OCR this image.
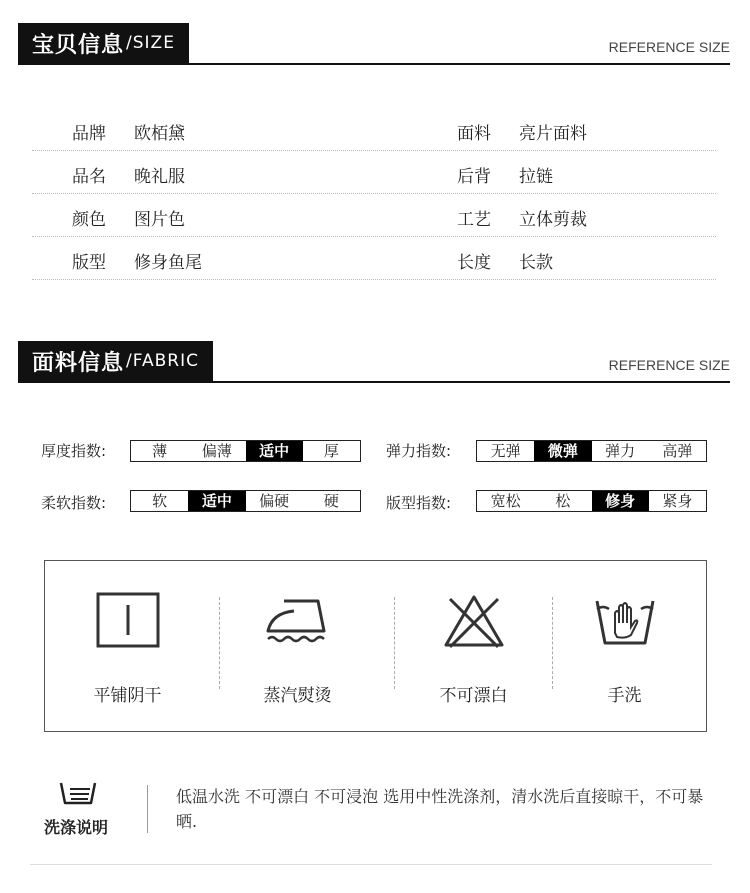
宝贝信息 /SIZE	REFERENCE SIZE
品牌 欧栢黛	面料 亮片面料
品名 晚礼服	后背 拉链
颜色 图片色	工艺 立体剪裁
版型 修身鱼尾	长度 长款
面料信息 /FABRIC	REFERENCE SIZE
厚度指数:	薄	偏薄	适中	厚	弹力指数:	无弹	微弹	弹力	高弹
柔软指数:	软	适中	偏硬	硬	版型指数:	宽松	松	修身	紧身
平铺阴干	蒸汽熨烫	不可漂白	手洗
洗涤说明
低温水洗 不可漂白 不可浸泡 选用中性洗涤剂，清水洗后直接晾干，不可暴晒.
